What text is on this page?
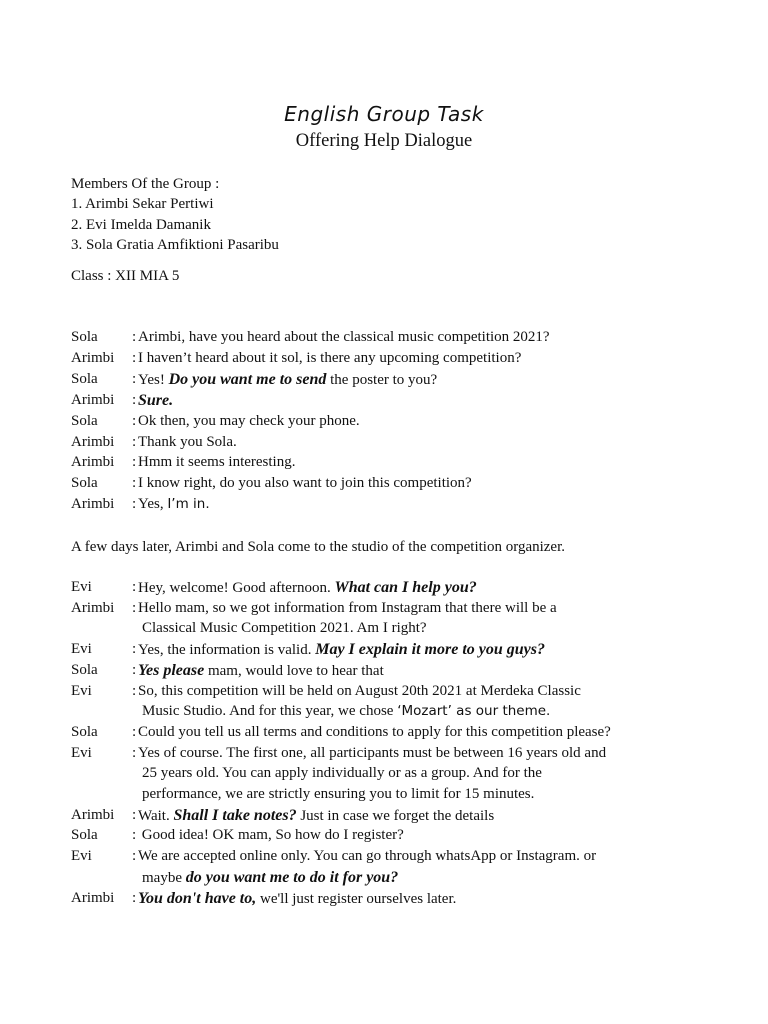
English Group Task
Offering Help Dialogue
Members Of the Group :
1. Arimbi Sekar Pertiwi
2. Evi Imelda Damanik
3. Sola Gratia Amfiktioni Pasaribu
Class : XII MIA 5
Sola	: Arimbi, have you heard about the classical music competition 2021?
Arimbi	: I haven’t heard about it sol, is there any upcoming competition?
Sola	: Yes! Do you want me to send the poster to you?
Arimbi	: Sure.
Sola	: Ok then, you may check your phone.
Arimbi	: Thank you Sola.
Arimbi	: Hmm it seems interesting.
Sola	: I know right, do you also want to join this competition?
Arimbi	: Yes, I’m in.
A few days later, Arimbi and Sola come to the studio of the competition organizer.
Evi	: Hey, welcome! Good afternoon. What can I help you?
Arimbi	: Hello mam, so we got information from Instagram that there will be a
Classical Music Competition 2021. Am I right?
Evi	: Yes, the information is valid. May I explain it more to you guys?
Sola	: Yes please mam, would love to hear that
Evi	: So, this competition will be held on August 20th 2021 at Merdeka Classic
Music Studio. And for this year, we chose ‘Mozart’ as our theme.
Sola	: Could you tell us all terms and conditions to apply for this competition please?
Evi	: Yes of course. The first one, all participants must be between 16 years old and
25 years old. You can apply individually or as a group. And for the
performance, we are strictly ensuring you to limit for 15 minutes.
Arimbi	: Wait. Shall I take notes? Just in case we forget the details
Sola	: Good idea! OK mam, So how do I register?
Evi	: We are accepted online only. You can go through whatsApp or Instagram. or
maybe do you want me to do it for you?
Arimbi	: You don't have to, we'll just register ourselves later.
